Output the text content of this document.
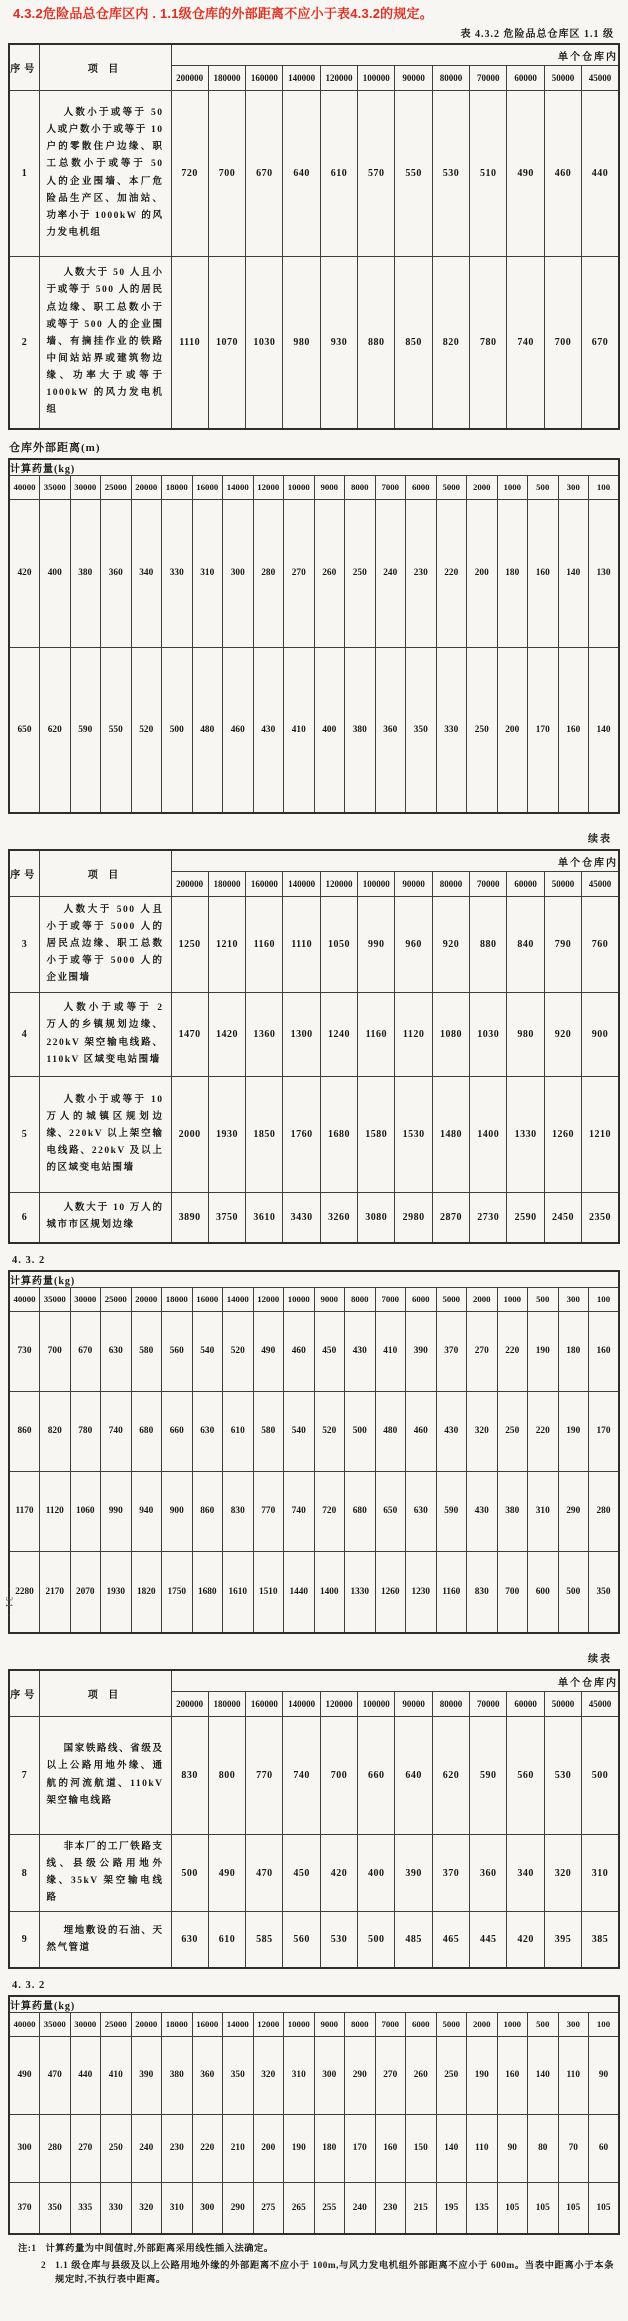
4.3.2危险品总仓库区内 . 1.1级仓库的外部距离不应小于表4.3.2的规定。
表 4.3.2 危险品总仓库区 1.1 级
序号	项 目	单个仓库内											
		200000	180000	160000	140000	120000	100000	90000	80000	70000	60000	50000	45000
1	人数小于或等于 50 人或户数小于或等于 10 户的零散住户边缘、职工总数小于或等于 50 人的企业围墙、本厂危险品生产区、加油站、功率小于 1000kW 的风力发电机组	720	700	670	640	610	570	550	530	510	490	460	440
2	人数大于 50 人且小于或等于 500 人的居民点边缘、职工总数小于或等于 500 人的企业围墙、有摘挂作业的铁路中间站站界或建筑物边缘、功率大于或等于 1000kW 的风力发电机组	1110	1070	1030	980	930	880	850	820	780	740	700	670
仓库外部距离(m)
计算药量(kg)																			
40000	35000	30000	25000	20000	18000	16000	14000	12000	10000	9000	8000	7000	6000	5000	2000	1000	500	300	100
420	400	380	360	340	330	310	300	280	270	260	250	240	230	220	200	180	160	140	130
650	620	590	550	520	500	480	460	430	410	400	380	360	350	330	250	200	170	160	140
续表
序号	项 目	单个仓库内											
		200000	180000	160000	140000	120000	100000	90000	80000	70000	60000	50000	45000
3	人数大于 500 人且小于或等于 5000 人的居民点边缘、职工总数小于或等于 5000 人的企业围墙	1250	1210	1160	1110	1050	990	960	920	880	840	790	760
4	人数小于或等于 2 万人的乡镇规划边缘、220kV 架空输电线路、110kV 区域变电站围墙	1470	1420	1360	1300	1240	1160	1120	1080	1030	980	920	900
5	人数小于或等于 10 万人的城镇区规划边缘、220kV 以上架空输电线路、220kV 及以上的区域变电站围墙	2000	1930	1850	1760	1680	1580	1530	1480	1400	1330	1260	1210
6	人数大于 10 万人的城市市区规划边缘	3890	3750	3610	3430	3260	3080	2980	2870	2730	2590	2450	2350
4. 3. 2
计算药量(kg)																			
40000	35000	30000	25000	20000	18000	16000	14000	12000	10000	9000	8000	7000	6000	5000	2000	1000	500	300	100
730	700	670	630	580	560	540	520	490	460	450	430	410	390	370	270	220	190	180	160
860	820	780	740	680	660	630	610	580	540	520	500	480	460	430	320	250	220	190	170
1170	1120	1060	990	940	900	860	830	770	740	720	680	650	630	590	430	380	310	290	280
2280	2170	2070	1930	1820	1750	1680	1610	1510	1440	1400	1330	1260	1230	1160	830	700	600	500	350
续表
序号	项 目	单个仓库内											
		200000	180000	160000	140000	120000	100000	90000	80000	70000	60000	50000	45000
7	国家铁路线、省级及以上公路用地外缘、通航的河流航道、110kV 架空输电线路	830	800	770	740	700	660	640	620	590	560	530	500
8	非本厂的工厂铁路支线、县级公路用地外缘、35kV 架空输电线路	500	490	470	450	420	400	390	370	360	340	320	310
9	埋地敷设的石油、天然气管道	630	610	585	560	530	500	485	465	445	420	395	385
4. 3. 2
计算药量(kg)																			
40000	35000	30000	25000	20000	18000	16000	14000	12000	10000	9000	8000	7000	6000	5000	2000	1000	500	300	100
490	470	440	410	390	380	360	350	320	310	300	290	270	260	250	190	160	140	110	90
300	280	270	250	240	230	220	210	200	190	180	170	160	150	140	110	90	80	70	60
370	350	335	330	320	310	300	290	275	265	255	240	230	215	195	135	105	105	105	105
注:1 计算药量为中间值时,外部距离采用线性插入法确定。
2 1.1 级仓库与县级及以上公路用地外缘的外部距离不应小于 100m,与风力发电机组外部距离不应小于 600m。当表中距离小于本条规定时,不执行表中距离。
· 31 ·
